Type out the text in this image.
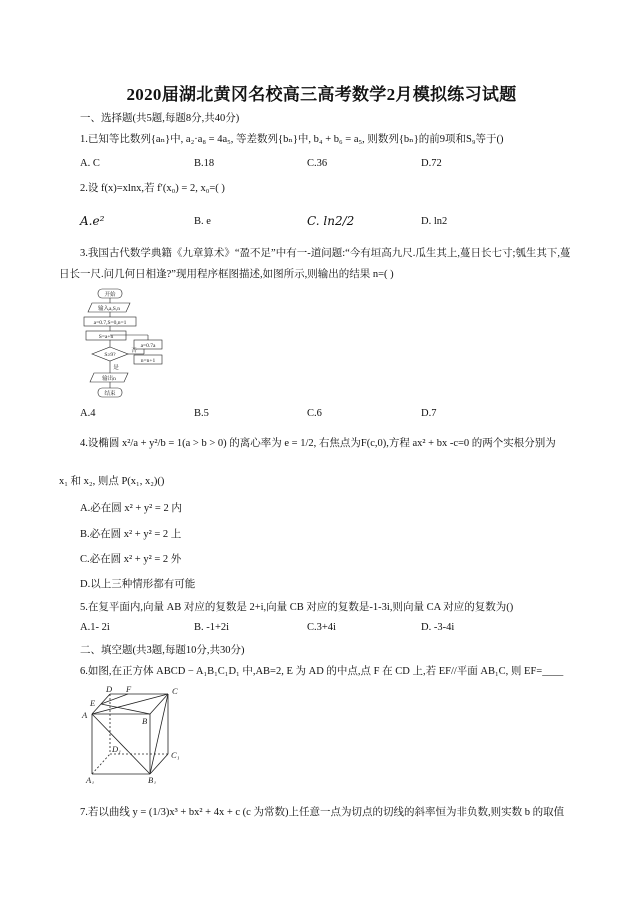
2020届湖北黄冈名校高三高考数学2月模拟练习试题
一、选择题(共5题,每题8分,共40分)
1.已知等比数列{aₙ}中, a₂·a₈ = 4a₅, 等差数列{bₙ}中, b₄ + b₆ = a₅, 则数列{bₙ}的前9项和S₉等于()
A. C	B.18	C.36	D.72
2.设 f(x)=xlnx,若 f′(x₀) = 2, x₀=( )
A.e²	B. e	C. ln2/2	D. ln2
3.我国古代数学典籍《九章算术》“盈不足”中有一-道问题:“今有垣高九尺.瓜生其上,蔓日长七寸;瓠生其下,蔓
日长一尺.问几何日相逢?”现用程序框图描述,如图所示,则输出的结果 n=( )
开始
输入a,S,n
a=0.7,S=0,n=1
S=a+n
S≥9?
否
a=0.7a
n=n+1
是
输出n
结束
A.4	B.5	C.6	D.7
4.设椭圆 x²/a + y²/b = 1(a > b > 0) 的离心率为 e = 1/2, 右焦点为F(c,0),方程 ax² + bx -c=0 的两个实根分别为
x₁ 和 x₂, 则点 P(x₁, x₂)()
A.必在圆 x² + y² = 2 内
B.必在圆 x² + y² = 2 上
C.必在圆 x² + y² = 2 外
D.以上三种情形都有可能
5.在复平面内,向量 AB 对应的复数是 2+i,向量 CB 对应的复数是-1-3i,则向量 CA 对应的复数为()
A.1- 2i	B. -1+2i	C.3+4i	D. -3-4i
二、填空题(共3题,每题10分,共30分)
6.如图,在正方体 ABCD − A₁B₁C₁D₁ 中,AB=2, E 为 AD 的中点,点 F 在 CD 上,若 EF//平面 AB₁C, 则 EF=____
D F	C
E
A
B
D₁
C₁
A₁	B₁
7.若以曲线 y = (1/3)x³ + bx² + 4x + c (c 为常数)上任意一点为切点的切线的斜率恒为非负数,则实数 b 的取值
